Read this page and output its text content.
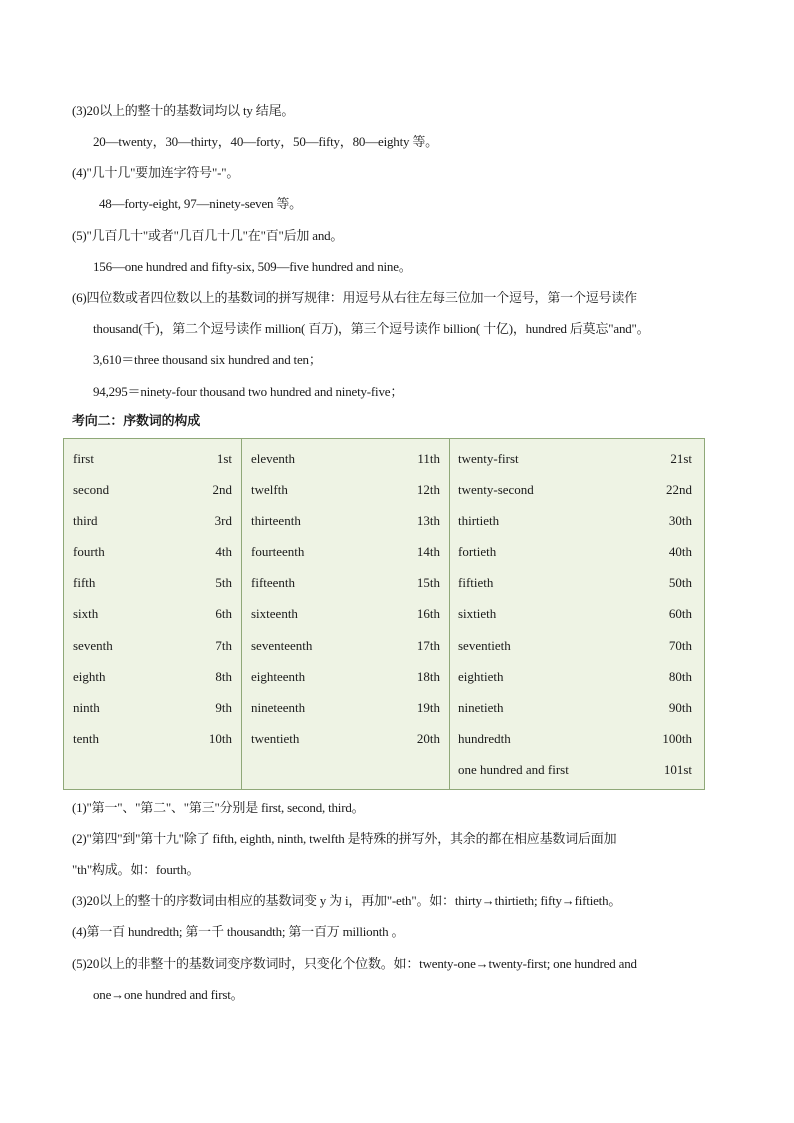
(3)20以上的整十的基数词均以 ty 结尾。
20—twenty，30—thirty，40—forty，50—fifty，80—eighty 等。
(4)"几十几"要加连字符号"-"。
48—forty-eight, 97—ninety-seven 等。
(5)"几百几十"或者"几百几十几"在"百"后加 and。
156—one hundred and fifty-six, 509—five hundred and nine。
(6)四位数或者四位数以上的基数词的拼写规律：用逗号从右往左每三位加一个逗号，第一个逗号读作
thousand(千)，第二个逗号读作 million( 百万)，第三个逗号读作 billion( 十亿)，hundred 后莫忘"and"。
3,610＝three thousand six hundred and ten；
94,295＝ninety-four thousand two hundred and ninety-five；
考向二：序数词的构成
first	1st
second	2nd
third	3rd
fourth	4th
fifth	5th
sixth	6th
seventh	7th
eighth	8th
ninth	9th
tenth	10th
eleventh	11th
twelfth	12th
thirteenth	13th
fourteenth	14th
fifteenth	15th
sixteenth	16th
seventeenth	17th
eighteenth	18th
nineteenth	19th
twentieth	20th
twenty-first	21st
twenty-second	22nd
thirtieth	30th
fortieth	40th
fiftieth	50th
sixtieth	60th
seventieth	70th
eightieth	80th
ninetieth	90th
hundredth	100th
one hundred and first	101st
(1)"第一"、"第二"、"第三"分别是 first, second, third。
(2)"第四"到"第十九"除了 fifth, eighth, ninth, twelfth 是特殊的拼写外，其余的都在相应基数词后面加
"th"构成。如：fourth。
(3)20以上的整十的序数词由相应的基数词变 y 为 i，再加"-eth"。如：thirty→thirtieth; fifty→fiftieth。
(4)第一百 hundredth; 第一千 thousandth; 第一百万 millionth 。
(5)20以上的非整十的基数词变序数词时，只变化个位数。如：twenty-one→twenty-first; one hundred and
one→one hundred and first。
